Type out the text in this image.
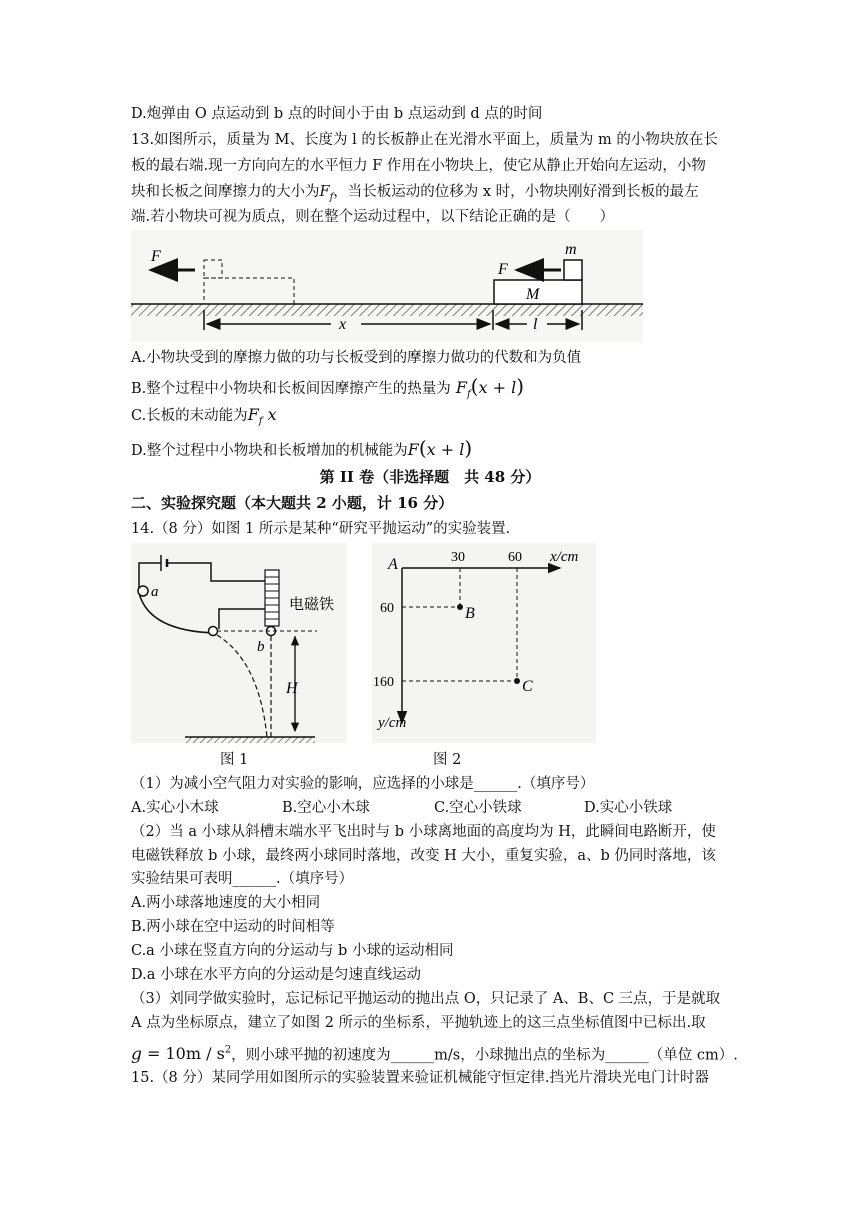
D.炮弹由 O 点运动到 b 点的时间小于由 b 点运动到 d 点的时间
13.如图所示，质量为 M、长度为 l 的长板静止在光滑水平面上，质量为 m 的小物块放在长
板的最右端.现一方向向左的水平恒力 F 作用在小物块上，使它从静止开始向左运动，小物
块和长板之间摩擦力的大小为$F_f$，当长板运动的位移为 x 时，小物块刚好滑到长板的最左
端.若小物块可视为质点，则在整个运动过程中，以下结论正确的是（　　）
F
F
m
M
x	l
A.小物块受到的摩擦力做的功与长板受到的摩擦力做功的代数和为负值
B.整个过程中小物块和长板间因摩擦产生的热量为 $F_f(x + l)$
C.长板的末动能为$F_f$ x
D.整个过程中小物块和长板增加的机械能为F(x + l)
第 II 卷（非选择题　共 48 分）
二、实验探究题（本大题共 2 小题，计 16 分）
14.（8 分）如图 1 所示是某种“研究平抛运动”的实验装置.
H
a
b
电磁铁
A
B
C
30	60 x/cm
60
160
y/cm
图 1	图 2
（1）为减小空气阻力对实验的影响，应选择的小球是______.（填序号）
A.实心小木球	B.空心小木球	C.空心小铁球	D.实心小铁球
（2）当 a 小球从斜槽末端水平飞出时与 b 小球离地面的高度均为 H，此瞬间电路断开，使
电磁铁释放 b 小球，最终两小球同时落地，改变 H 大小，重复实验，a、b 仍同时落地，该
实验结果可表明______.（填序号）
A.两小球落地速度的大小相同
B.两小球在空中运动的时间相等
C.a 小球在竖直方向的分运动与 b 小球的运动相同
D.a 小球在水平方向的分运动是匀速直线运动
（3）刘同学做实验时，忘记标记平抛运动的抛出点 O，只记录了 A、B、C 三点，于是就取
A 点为坐标原点，建立了如图 2 所示的坐标系，平抛轨迹上的这三点坐标值图中已标出.取
$g = 10m / s^2$，则小球平抛的初速度为______m/s，小球抛出点的坐标为______（单位 cm）.
15.（8 分）某同学用如图所示的实验装置来验证机械能守恒定律.挡光片滑块光电门计时器
